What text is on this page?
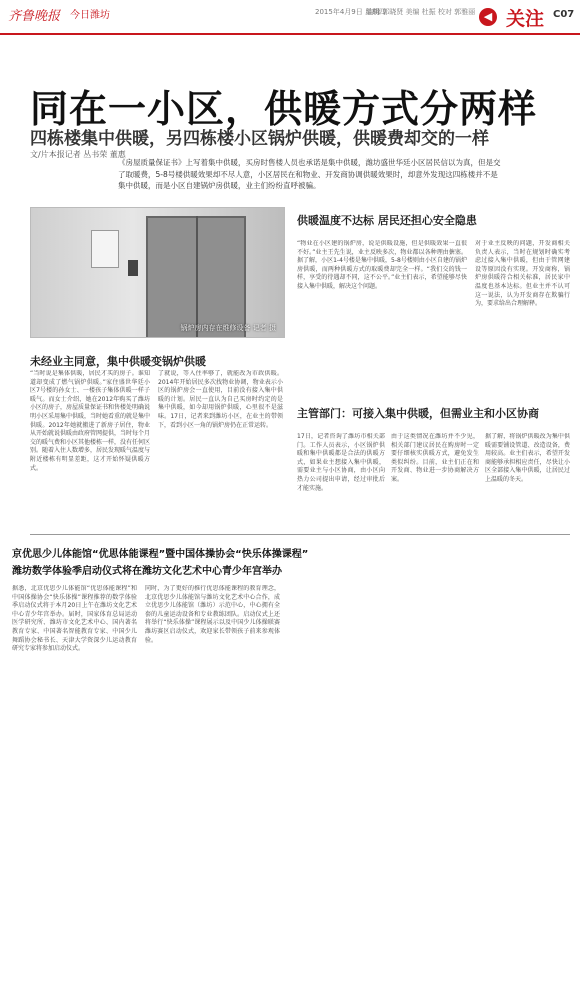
齐鲁晚报 今日潍坊	2015年4月9日 星期四
编辑 郭晓贤 美编 杜振 校对 郭雅丽 ◀ 关注 C07
同在一小区，供暖方式分两样
四栋楼集中供暖，另四栋楼小区锅炉供暖，供暖费却交的一样
文/片本报记者 丛书荣 董惠

《房屋质量保证书》上写着集中供暖，买房时售楼人员也承诺是集中供暖，潍坊盛世华廷小区居民信以为真，但是交了取暖费，5-8号楼供暖效果却不尽人意，小区居民在和物业、开发商协调供暖效果时，却意外发现这四栋楼并不是集中供暖，而是小区自建锅炉房供暖，业主们纷纷直呼被骗。

锅炉房内存在维修设备 记者 摄
未经业主同意，集中供暖变锅炉供暖
供暖温度不达标 居民还担心安全隐患
主管部门：可接入集中供暖，但需业主和小区协商

“当时说是集体供暖，居民才买的房子。谁知道却变成了燃气锅炉供暖。”家住盛世华廷小区7号楼的孙女士、一楼孩子集体供暖一样子暖气。而女士介绍，她在2012年购买了潍坊小区的房子，房屋质量保证书和售楼处明确说明小区采用集中供暖，当时她看重的就是集中供暖。2012年她就搬进了新房子居住，物业从开始就说供暖由政府管网提供，当时每个月交的暖气费和小区其他楼栋一样，没有任何区别。随着入住人数增多，居民发现暖气温度与附近楼栋有明显差距，这才开始怀疑供暖方式。

了就说，等入住率够了，就能改为市政供暖。2014年开始居民多次找物业协调，物业表示小区的锅炉房会一直使用，目前没有接入集中供暖的计划。居民一直认为自己买房时约定的是集中供暖，如今却用锅炉供暖，心里很不是滋味。17日，记者来到潍坊小区，在业主的带领下，看到小区一角的锅炉房仍在正常运转。

“物业在小区建的锅炉房，说是供暖设施，但是供暖效果一直很不好。”业主王先生说，业主反映多次，物业都以各种理由搪塞。据了解，小区1-4号楼是集中供暖，5-8号楼则由小区自建的锅炉房供暖，而两种供暖方式的取暖费却完全一样。“我们交的钱一样，享受的待遇却不同，这不公平。”业主们表示，希望能够尽快接入集中供暖，解决这个问题。

对于业主反映的问题，开发商相关负责人表示，当时在规划时确实考虑过接入集中供暖，但由于管网建设等原因没有实现。开发商称，锅炉房供暖符合相关标准，居民家中温度也基本达标。但业主并不认可这一说法，认为开发商存在欺骗行为，要求给出合理解释。

17日，记者咨询了潍坊市相关部门。工作人员表示，小区锅炉供暖和集中供暖都是合法的供暖方式，如果业主想接入集中供暖，需要业主与小区协商，由小区向热力公司提出申请，经过审批后才能实施。

由于这类情况在潍坊并不少见，相关部门建议居民在购房时一定要仔细核实供暖方式，避免发生类似纠纷。目前，业主们正在和开发商、物业进一步协商解决方案。

据了解，将锅炉供暖改为集中供暖需要铺设管道、改造设备，费用较高。业主们表示，希望开发商能够承担相应责任，尽快让小区全部接入集中供暖，让居民过上温暖的冬天。

京优思少儿体能馆“优思体能课程”暨中国体操协会“快乐体操课程”
潍坊数学体验季启动仪式将在潍坊文化艺术中心青少年宫举办

据悉，北京优思少儿体能馆“优思体能课程”和中国体操协会“快乐体操”课程推荐的数学体验季启动仪式将于本月20日上午在潍坊文化艺术中心青少年宫举办。届时，国家体育总局运动医学研究所、潍坊市文化艺术中心、国内著名教育专家、中国著名智能教育专家、中国少儿舞蹈协会秘书长、天津大学资深少儿运动教育研究专家将参加启动仪式。

同时，为了更好的推行优思体能课程的教育理念，北京优思少儿体能馆与潍坊文化艺术中心合作，成立优思少儿体能馆（潍坊）示范中心，中心拥有全套的儿童运动设备和专业教练团队。启动仪式上还将举行“快乐体操”课程展示以及中国少儿体操联赛潍坊赛区启动仪式，欢迎家长带领孩子前来参观体验。
